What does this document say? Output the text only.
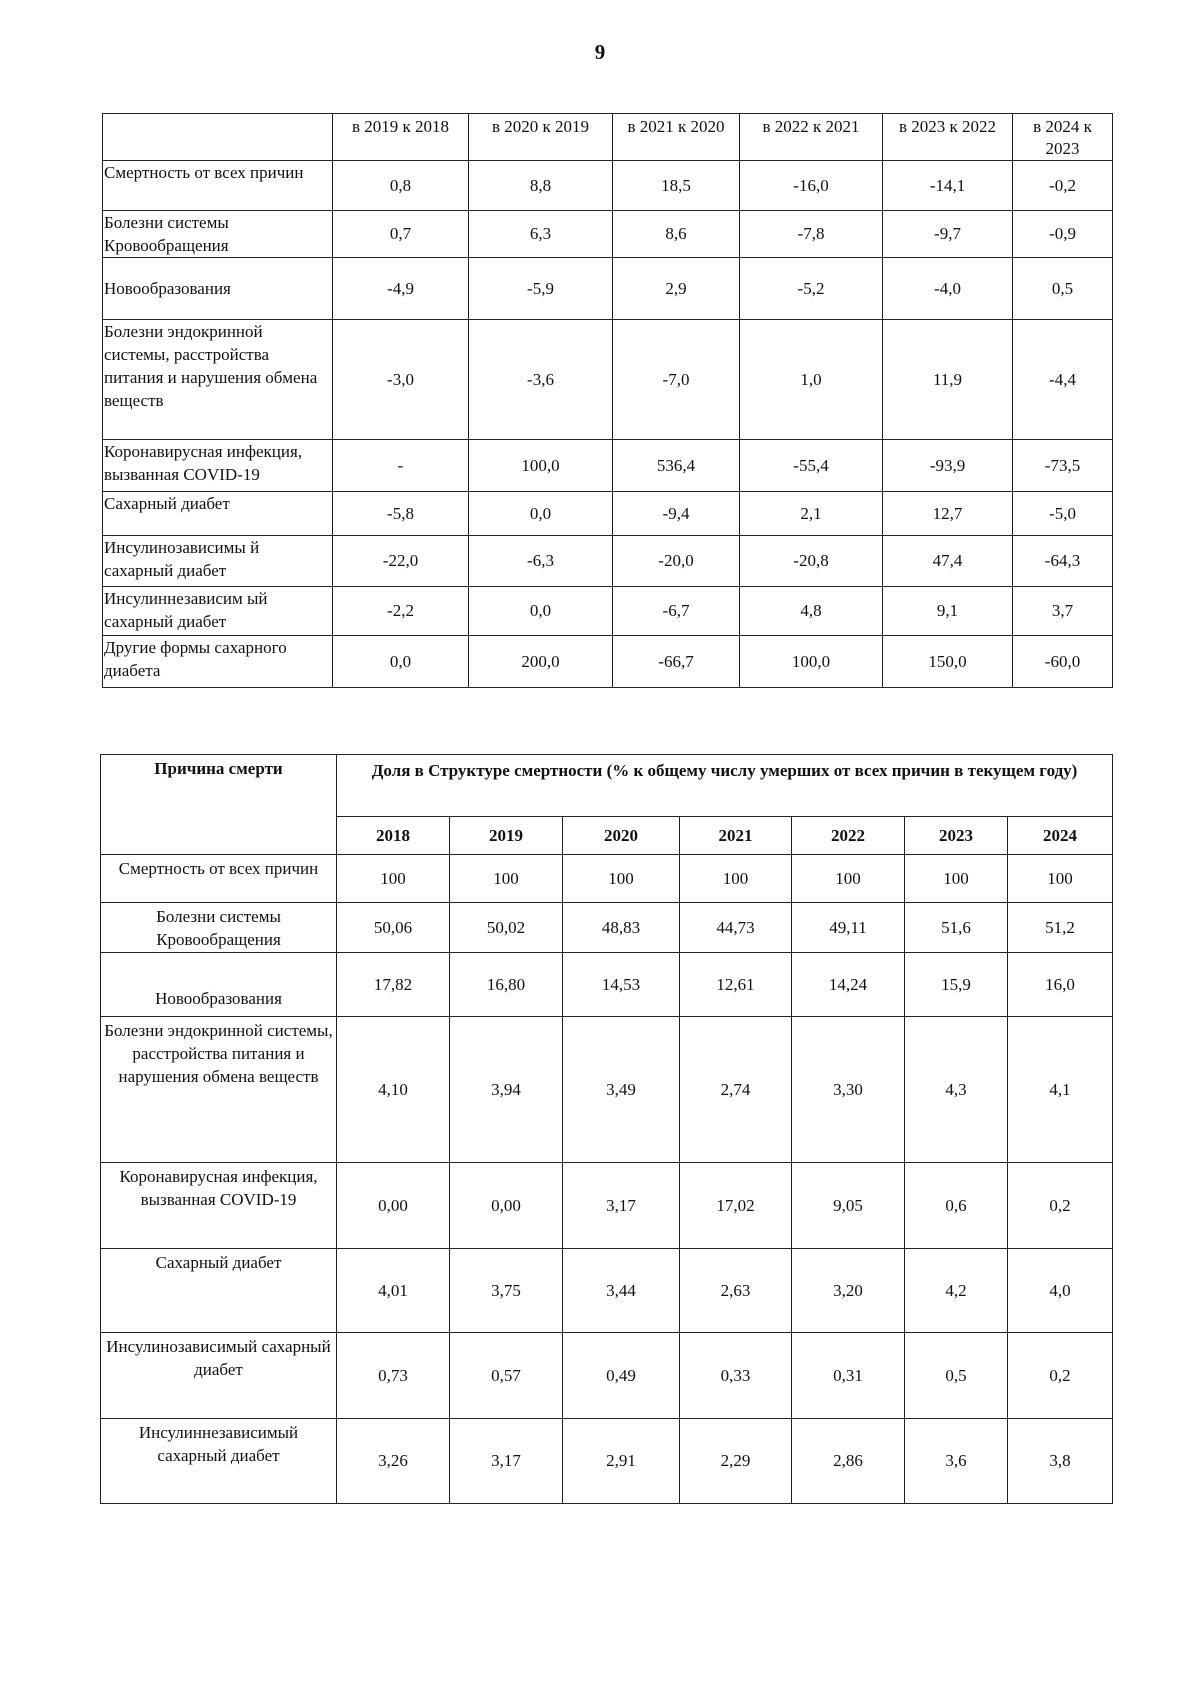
9
	в 2019 к 2018	в 2020 к 2019	в 2021 к 2020	в 2022 к 2021	в 2023 к 2022	в 2024 к 2023
Смертность от всех причин	0,8	8,8	18,5	-16,0	-14,1	-0,2
Болезни системы Кровообращения	0,7	6,3	8,6	-7,8	-9,7	-0,9
Новообразования	-4,9	-5,9	2,9	-5,2	-4,0	0,5
Болезни эндокринной системы, расстройства питания и нарушения обмена веществ	-3,0	-3,6	-7,0	1,0	11,9	-4,4
Коронавирусная инфекция, вызванная COVID-19	-	100,0	536,4	-55,4	-93,9	-73,5
Сахарный диабет	-5,8	0,0	-9,4	2,1	12,7	-5,0
Инсулинозависимы й сахарный диабет	-22,0	-6,3	-20,0	-20,8	47,4	-64,3
Инсулиннезависим ый сахарный диабет	-2,2	0,0	-6,7	4,8	9,1	3,7
Другие формы сахарного диабета	0,0	200,0	-66,7	100,0	150,0	-60,0
Причина смерти	Доля в Структуре смертности (% к общему числу умерших от всех причин в текущем году)						
	2018	2019	2020	2021	2022	2023	2024
Смертность от всех причин	100	100	100	100	100	100	100
Болезни системы Кровообращения	50,06	50,02	48,83	44,73	49,11	51,6	51,2
Новообразования	17,82	16,80	14,53	12,61	14,24	15,9	16,0
Болезни эндокринной системы, расстройства питания и нарушения обмена веществ	4,10	3,94	3,49	2,74	3,30	4,3	4,1
Коронавирусная инфекция, вызванная COVID-19	0,00	0,00	3,17	17,02	9,05	0,6	0,2
Сахарный диабет	4,01	3,75	3,44	2,63	3,20	4,2	4,0
Инсулинозависимый сахарный диабет	0,73	0,57	0,49	0,33	0,31	0,5	0,2
Инсулиннезависимый сахарный диабет	3,26	3,17	2,91	2,29	2,86	3,6	3,8
